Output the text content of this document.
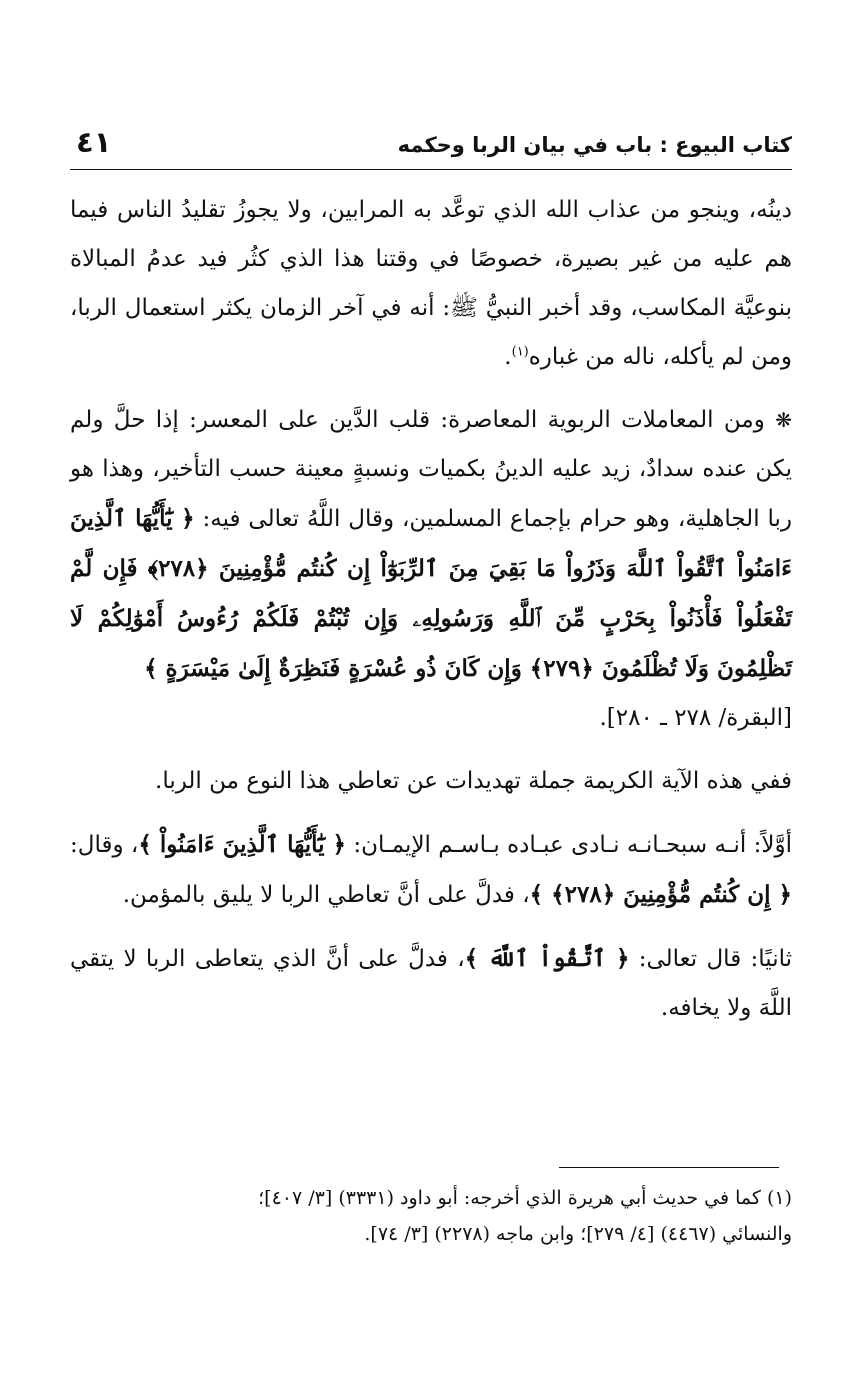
كتاب البيوع : باب في بيان الربا وحكمه
٤١
دينُه، وينجو من عذاب الله الذي توعَّد به المرابين، ولا يجوزُ تقليدُ الناس فيما هم عليه من غير بصيرة، خصوصًا في وقتنا هذا الذي كثُر فيد عدمُ المبالاة بنوعيَّة المكاسب، وقد أخبر النبيُّ ﷺ: أنه في آخر الزمان يكثر استعمال الربا، ومن لم يأكله، ناله من غباره$^{(١)}$.
❋ ومن المعاملات الربوية المعاصرة: قلب الدَّين على المعسر: إذا حلَّ ولم يكن عنده سدادٌ، زيد عليه الدينُ بكميات ونسبةٍ معينة حسب التأخير، وهذا هو ربا الجاهلية، وهو حرام بإجماع المسلمين، وقال اللَّهُ تعالى فيه: ﴿ يَٰٓأَيُّهَا ٱلَّذِينَ ءَامَنُواْ ٱتَّقُواْ ٱللَّهَ وَذَرُواْ مَا بَقِيَ مِنَ ٱلرِّبَوٰٓاْ إِن كُنتُم مُّؤْمِنِينَ ﴿٢٧٨﴾ فَإِن لَّمْ تَفْعَلُواْ فَأْذَنُواْ بِحَرْبٍ مِّنَ ٱللَّهِ وَرَسُولِهِۦ وَإِن تُبْتُمْ فَلَكُمْ رُءُوسُ أَمْوَٰلِكُمْ لَا تَظْلِمُونَ وَلَا تُظْلَمُونَ ﴿٢٧٩﴾ وَإِن كَانَ ذُو عُسْرَةٍ فَنَظِرَةٌ إِلَىٰ مَيْسَرَةٍ ﴾
[البقرة/ ٢٧٨ ـ ٢٨٠].
ففي هذه الآية الكريمة جملة تهديدات عن تعاطي هذا النوع من الربا.
أوَّلاً: أنـه سبحـانـه نـادى عبـاده بـاسـم الإيمـان: ﴿ يَٰٓأَيُّهَا ٱلَّذِينَ ءَامَنُواْ ﴾، وقال: ﴿ إِن كُنتُم مُّؤْمِنِينَ ﴿٢٧٨﴾ ﴾، فدلَّ على أنَّ تعاطي الربا لا يليق بالمؤمن.
ثانيًا: قال تعالى: ﴿ ٱتَّقُواْ ٱللَّهَ ﴾، فدلَّ على أنَّ الذي يتعاطى الربا لا يتقي اللَّهَ ولا يخافه.

(١) كما في حديث أبي هريرة الذي أخرجه: أبو داود (٣٣٣١) [٣/ ٤٠٧]؛

والنسائي (٤٤٦٧) [٤/ ٢٧٩]؛ وابن ماجه (٢٢٧٨) [٣/ ٧٤].
